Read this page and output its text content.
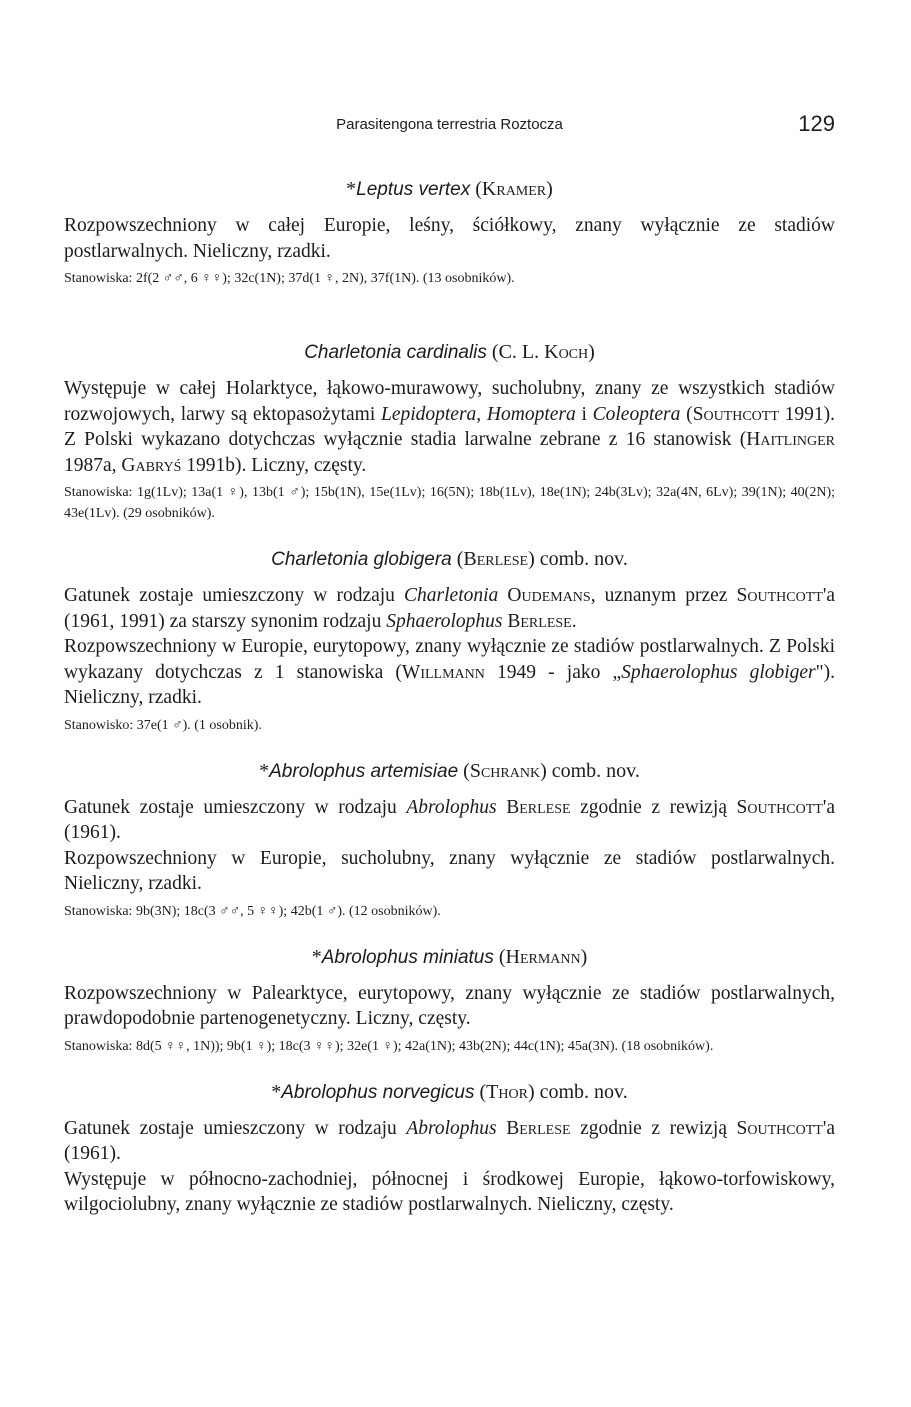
Parasitengona terrestria Roztocza	129
*Leptus vertex (Kramer)

Rozpowszechniony w całej Europie, leśny, ściółkowy, znany wyłącznie ze stadiów postlarwalnych. Nieliczny, rzadki.

Stanowiska: 2f(2 ♂♂, 6 ♀♀); 32c(1N); 37d(1 ♀, 2N), 37f(1N). (13 osobników).

Charletonia cardinalis (C. L. Koch)

Występuje w całej Holarktyce, łąkowo-murawowy, sucholubny, znany ze wszystkich stadiów rozwojowych, larwy są ektopasożytami Lepidoptera, Homoptera i Coleoptera (Southcott 1991). Z Polski wykazano dotychczas wyłącznie stadia larwalne zebrane z 16 stanowisk (Haitlinger 1987a, Gabryś 1991b). Liczny, częsty.

Stanowiska: 1g(1Lv); 13a(1 ♀), 13b(1 ♂); 15b(1N), 15e(1Lv); 16(5N); 18b(1Lv), 18e(1N); 24b(3Lv); 32a(4N, 6Lv); 39(1N); 40(2N); 43e(1Lv). (29 osobników).

Charletonia globigera (Berlese) comb. nov.

Gatunek zostaje umieszczony w rodzaju Charletonia Oudemans, uznanym przez Southcott'a (1961, 1991) za starszy synonim rodzaju Sphaerolophus Berlese.

Rozpowszechniony w Europie, eurytopowy, znany wyłącznie ze stadiów postlarwalnych. Z Polski wykazany dotychczas z 1 stanowiska (Willmann 1949 - jako „Sphaerolophus globiger"). Nieliczny, rzadki.

Stanowisko: 37e(1 ♂). (1 osobnik).

*Abrolophus artemisiae (Schrank) comb. nov.

Gatunek zostaje umieszczony w rodzaju Abrolophus Berlese zgodnie z rewizją Southcott'a (1961).

Rozpowszechniony w Europie, sucholubny, znany wyłącznie ze stadiów postlarwalnych. Nieliczny, rzadki.

Stanowiska: 9b(3N); 18c(3 ♂♂, 5 ♀♀); 42b(1 ♂). (12 osobników).

*Abrolophus miniatus (Hermann)

Rozpowszechniony w Palearktyce, eurytopowy, znany wyłącznie ze stadiów postlarwalnych, prawdopodobnie partenogenetyczny. Liczny, częsty.

Stanowiska: 8d(5 ♀♀, 1N)); 9b(1 ♀); 18c(3 ♀♀); 32e(1 ♀); 42a(1N); 43b(2N); 44c(1N); 45a(3N). (18 osobników).

*Abrolophus norvegicus (Thor) comb. nov.

Gatunek zostaje umieszczony w rodzaju Abrolophus Berlese zgodnie z rewizją Southcott'a (1961).

Występuje w północno-zachodniej, północnej i środkowej Europie, łąkowo-torfowiskowy, wilgociolubny, znany wyłącznie ze stadiów postlarwalnych. Nieliczny, częsty.
